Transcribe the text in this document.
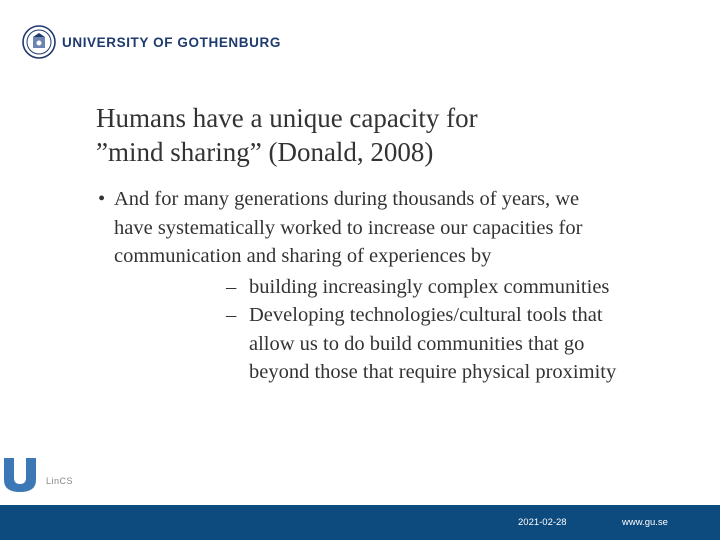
UNIVERSITY OF GOTHENBURG
Humans have a unique capacity for
”mind sharing” (Donald, 2008)
• And for many generations during thousands of years, we have systematically worked to increase our capacities for communication and sharing of experiences by
– building increasingly complex communities
– Developing technologies/cultural tools that allow us to do build communities that go beyond those that require physical proximity
LinCS
2021-02-28	www.gu.se
